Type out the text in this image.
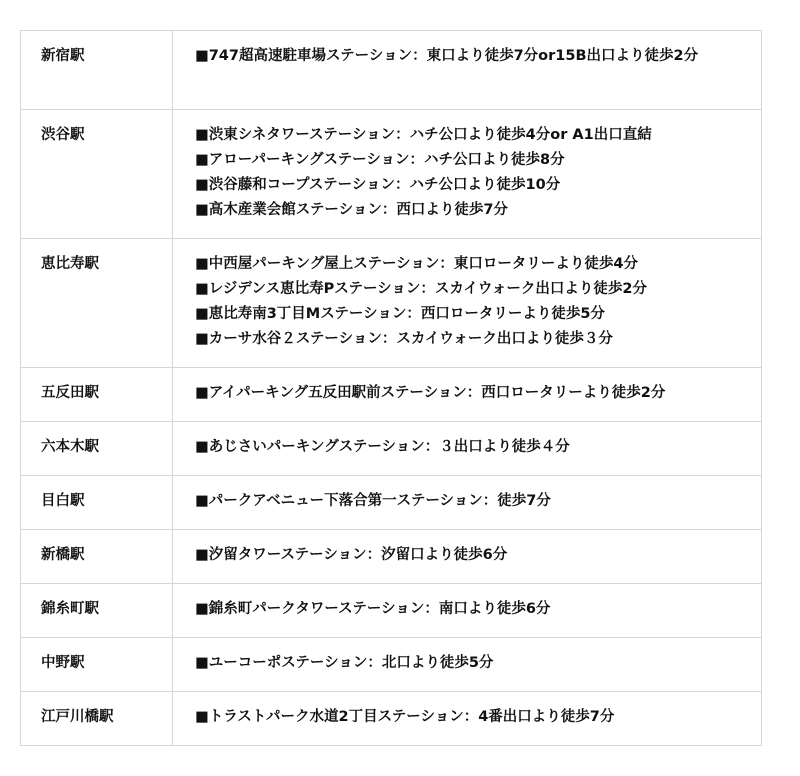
新宿駅	■747超高速駐車場ステーション：東口より徒歩7分or15B出口より徒歩2分

渋谷駅	■渋東シネタワーステーション：ハチ公口より徒歩4分or A1出口直結
■アローパーキングステーション：ハチ公口より徒歩8分
■渋谷藤和コープステーション：ハチ公口より徒歩10分
■高木産業会館ステーション：西口より徒歩7分

恵比寿駅	■中西屋パーキング屋上ステーション：東口ロータリーより徒歩4分
■レジデンス恵比寿Pステーション：スカイウォーク出口より徒歩2分
■恵比寿南3丁目Mステーション：西口ロータリーより徒歩5分
■カーサ水谷２ステーション：スカイウォーク出口より徒歩３分

五反田駅	■アイパーキング五反田駅前ステーション：西口ロータリーより徒歩2分

六本木駅	■あじさいパーキングステーション：３出口より徒歩４分

目白駅	■パークアベニュー下落合第一ステーション：徒歩7分

新橋駅	■汐留タワーステーション：汐留口より徒歩6分

錦糸町駅	■錦糸町パークタワーステーション：南口より徒歩6分

中野駅	■ユーコーポステーション：北口より徒歩5分

江戸川橋駅	■トラストパーク水道2丁目ステーション：4番出口より徒歩7分
